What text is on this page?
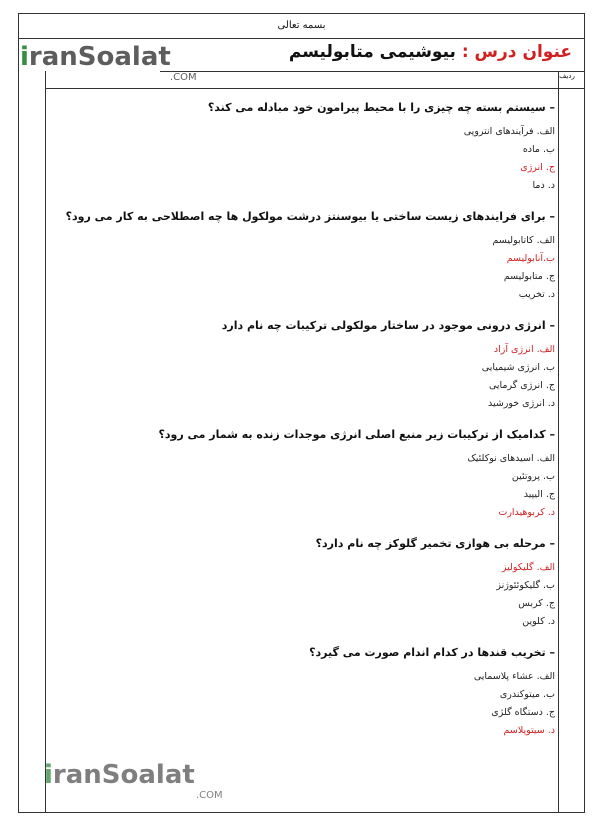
بسمه تعالی
عنوان درس : بیوشیمی متابولیسم
ردیف
iranSoalat
.COM
– سیستم بسته چه چیزی را با محیط پیرامون خود مبادله می کند؟
الف. فرآیندهای انتروپی
ب. ماده
ج. انرژی
د. دما
– برای فرایندهای زیست ساختی یا بیوسنتز درشت مولکول ها چه اصطلاحی به کار می رود؟
الف. کاتابولیسم
ب.آنابولیسم
ج. متابولیسم
د. تخریب
– انرژی درونی موجود در ساختار مولکولی ترکیبات چه نام دارد
الف. انرژی آزاد
ب. انرژی شیمیایی
ج. انرژی گرمایی
د. انرژی خورشید
– کدامیک از ترکیبات زیر منبع اصلی انرژی موجدات زنده به شمار می رود؟
الف. اسیدهای نوکلئیک
ب. پروتئین
ج. الیپید
د. کربوهیدارت
– مرحله بی هوازی تخمیر گلوکز چه نام دارد؟
الف. گلیکولیز
ب. گلیکوئئوژنز
ج. کربس
د. کلوین
– تخریب قندها در کدام اندام صورت می گیرد؟
الف. عشاء پلاسمایی
ب. میتوکندری
ج. دستگاه گلژی
د. سیتوپلاسم
iranSoalat
.COM
